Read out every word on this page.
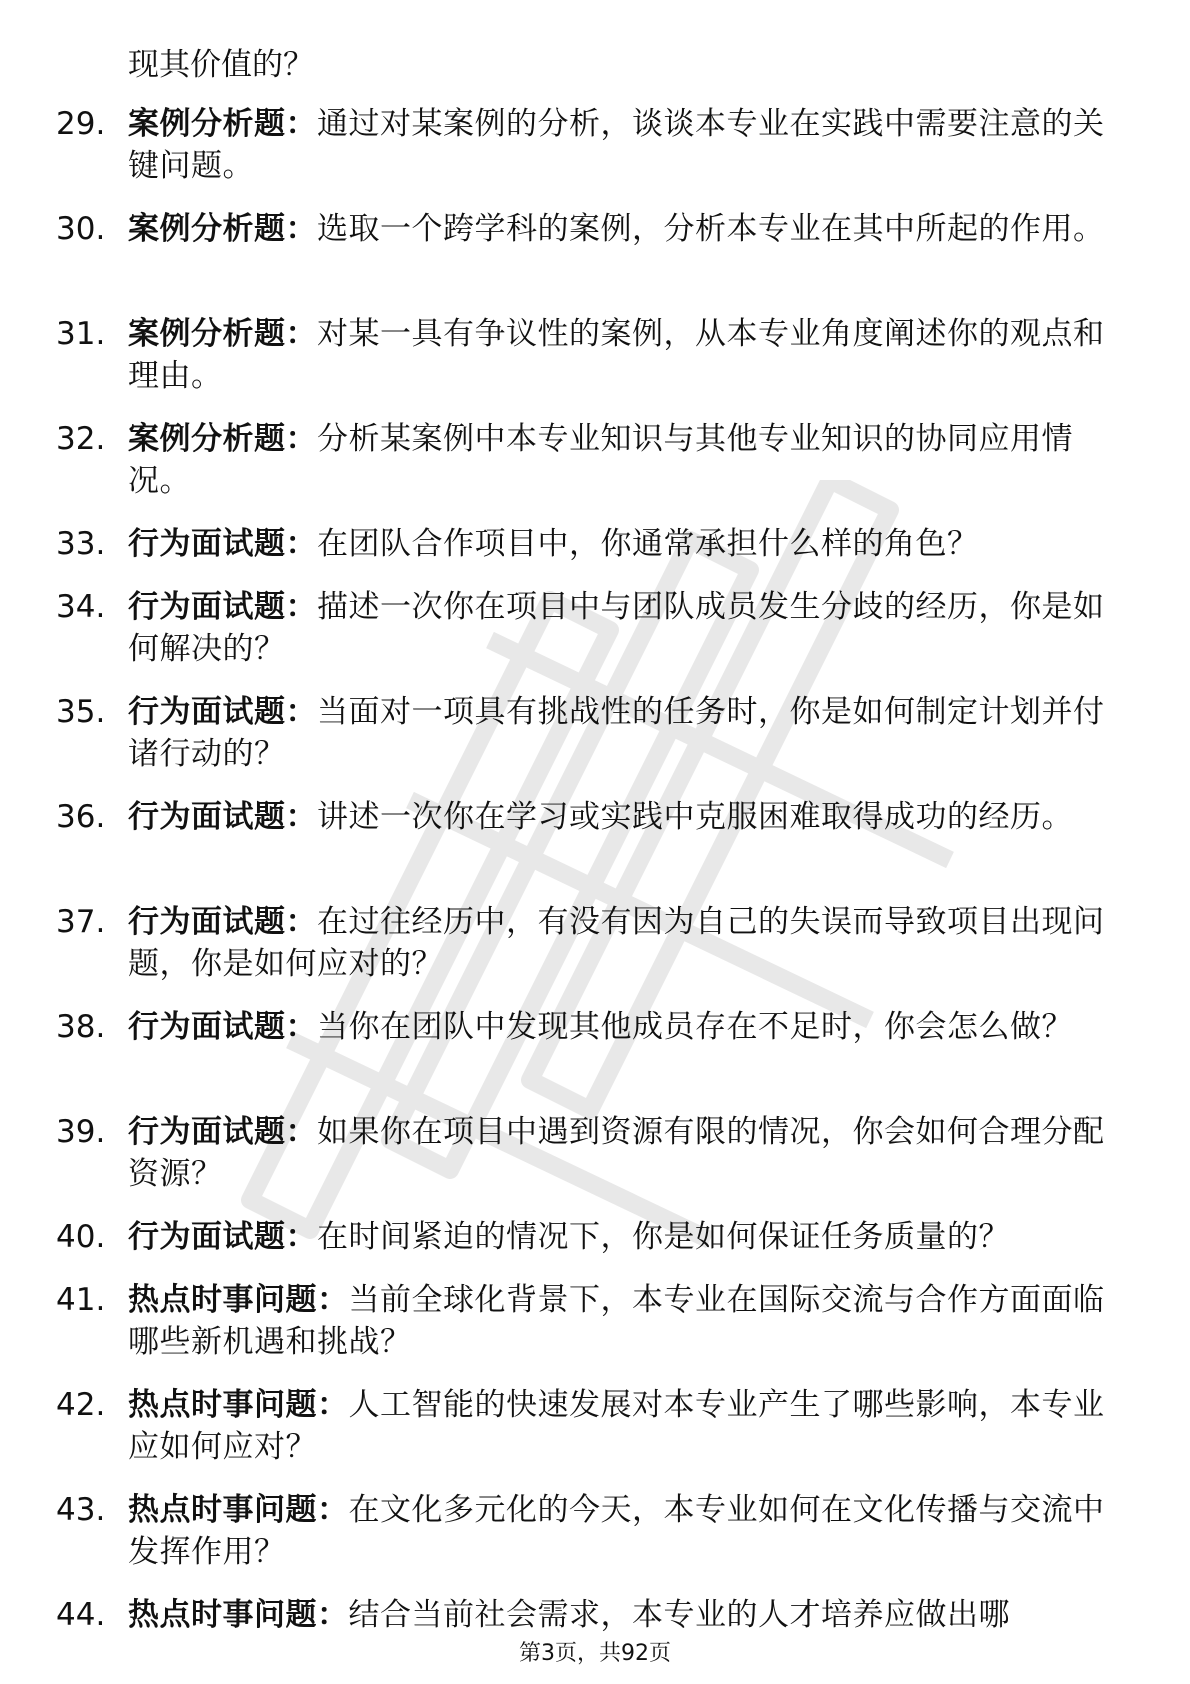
现其价值的？

29. 案例分析题：通过对某案例的分析，谈谈本专业在实践中需要注意的关键问题。
30. 案例分析题：选取一个跨学科的案例，分析本专业在其中所起的作用。
31. 案例分析题：对某一具有争议性的案例，从本专业角度阐述你的观点和理由。
32. 案例分析题：分析某案例中本专业知识与其他专业知识的协同应用情况。
33. 行为面试题：在团队合作项目中，你通常承担什么样的角色？
34. 行为面试题：描述一次你在项目中与团队成员发生分歧的经历，你是如何解决的？
35. 行为面试题：当面对一项具有挑战性的任务时，你是如何制定计划并付诸行动的？
36. 行为面试题：讲述一次你在学习或实践中克服困难取得成功的经历。
37. 行为面试题：在过往经历中，有没有因为自己的失误而导致项目出现问题，你是如何应对的？
38. 行为面试题：当你在团队中发现其他成员存在不足时，你会怎么做？
39. 行为面试题：如果你在项目中遇到资源有限的情况，你会如何合理分配资源？
40. 行为面试题：在时间紧迫的情况下，你是如何保证任务质量的？
41. 热点时事问题：当前全球化背景下，本专业在国际交流与合作方面面临哪些新机遇和挑战？
42. 热点时事问题：人工智能的快速发展对本专业产生了哪些影响，本专业应如何应对？
43. 热点时事问题：在文化多元化的今天，本专业如何在文化传播与交流中发挥作用？
44. 热点时事问题：结合当前社会需求，本专业的人才培养应做出哪
第3页，共92页
